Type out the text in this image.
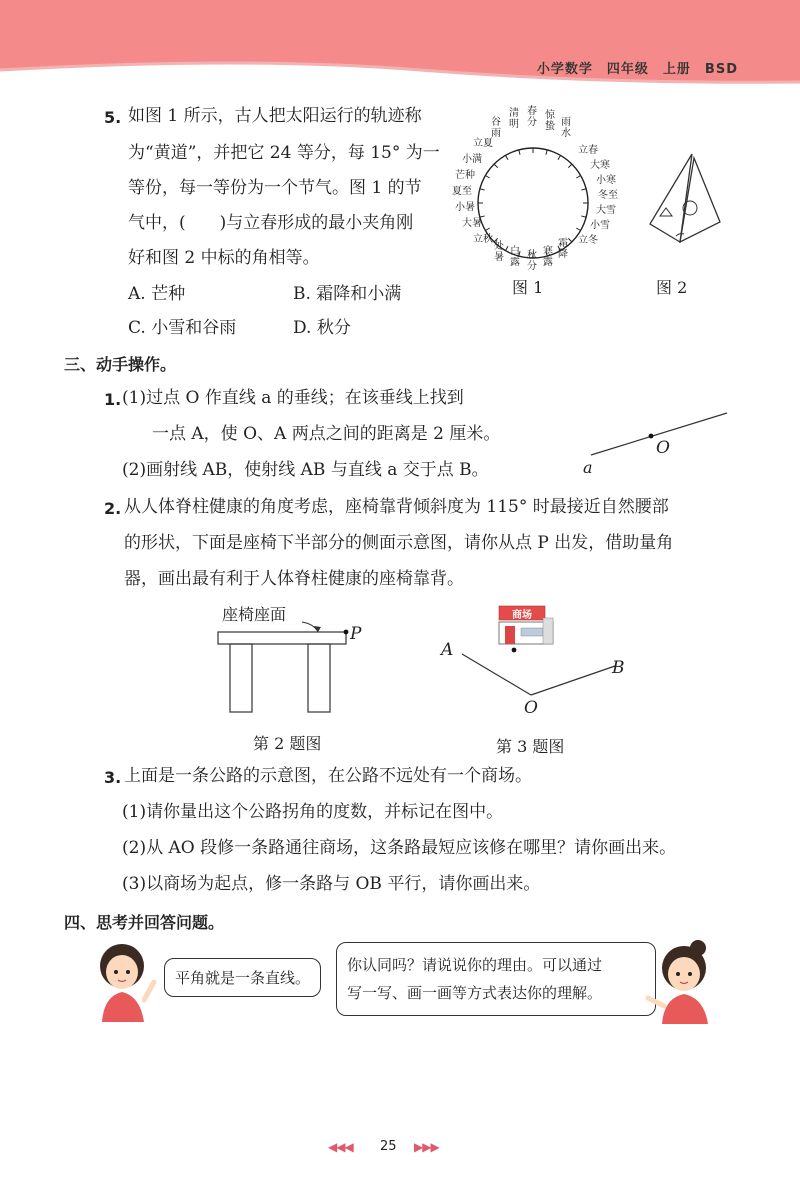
小学数学　四年级　上册　BSD
5. 如图 1 所示，古人把太阳运行的轨迹称
为“黄道”，并把它 24 等分，每 15° 为一
等份，每一等份为一个节气。图 1 的节
气中，(　　)与立春形成的最小夹角刚
好和图 2 中标的角相等。
A. 芒种	B. 霜降和小满
C. 小雪和谷雨	D. 秋分
清明
谷雨
春分
惊蛰 雨水
立春
大寒
小寒
冬至
大雪
小雪
立冬
霜降
寒露
秋分
白露
处暑
立夏
小满
芒种
夏至
小暑
大暑
立秋
图 1	图 2
三、动手操作。
1. (1)过点 O 作直线 a 的垂线；在该垂线上找到
一点 A，使 O、A 两点之间的距离是 2 厘米。
(2)画射线 AB，使射线 AB 与直线 a 交于点 B。
O
a
2. 从人体脊柱健康的角度考虑，座椅靠背倾斜度为 115° 时最接近自然腰部
的形状，下面是座椅下半部分的侧面示意图，请你从点 P 出发，借助量角
器，画出最有利于人体脊柱健康的座椅靠背。
座椅座面
P
第 2 题图
商场
A
B
O
第 3 题图
3. 上面是一条公路的示意图，在公路不远处有一个商场。
(1)请你量出这个公路拐角的度数，并标记在图中。
(2)从 AO 段修一条路通往商场，这条路最短应该修在哪里？请你画出来。
(3)以商场为起点，修一条路与 OB 平行，请你画出来。
四、思考并回答问题。
平角就是一条直线。
你认同吗？请说说你的理由。可以通过
写一写、画一画等方式表达你的理解。
◀◀◀ 25 ▶▶▶
